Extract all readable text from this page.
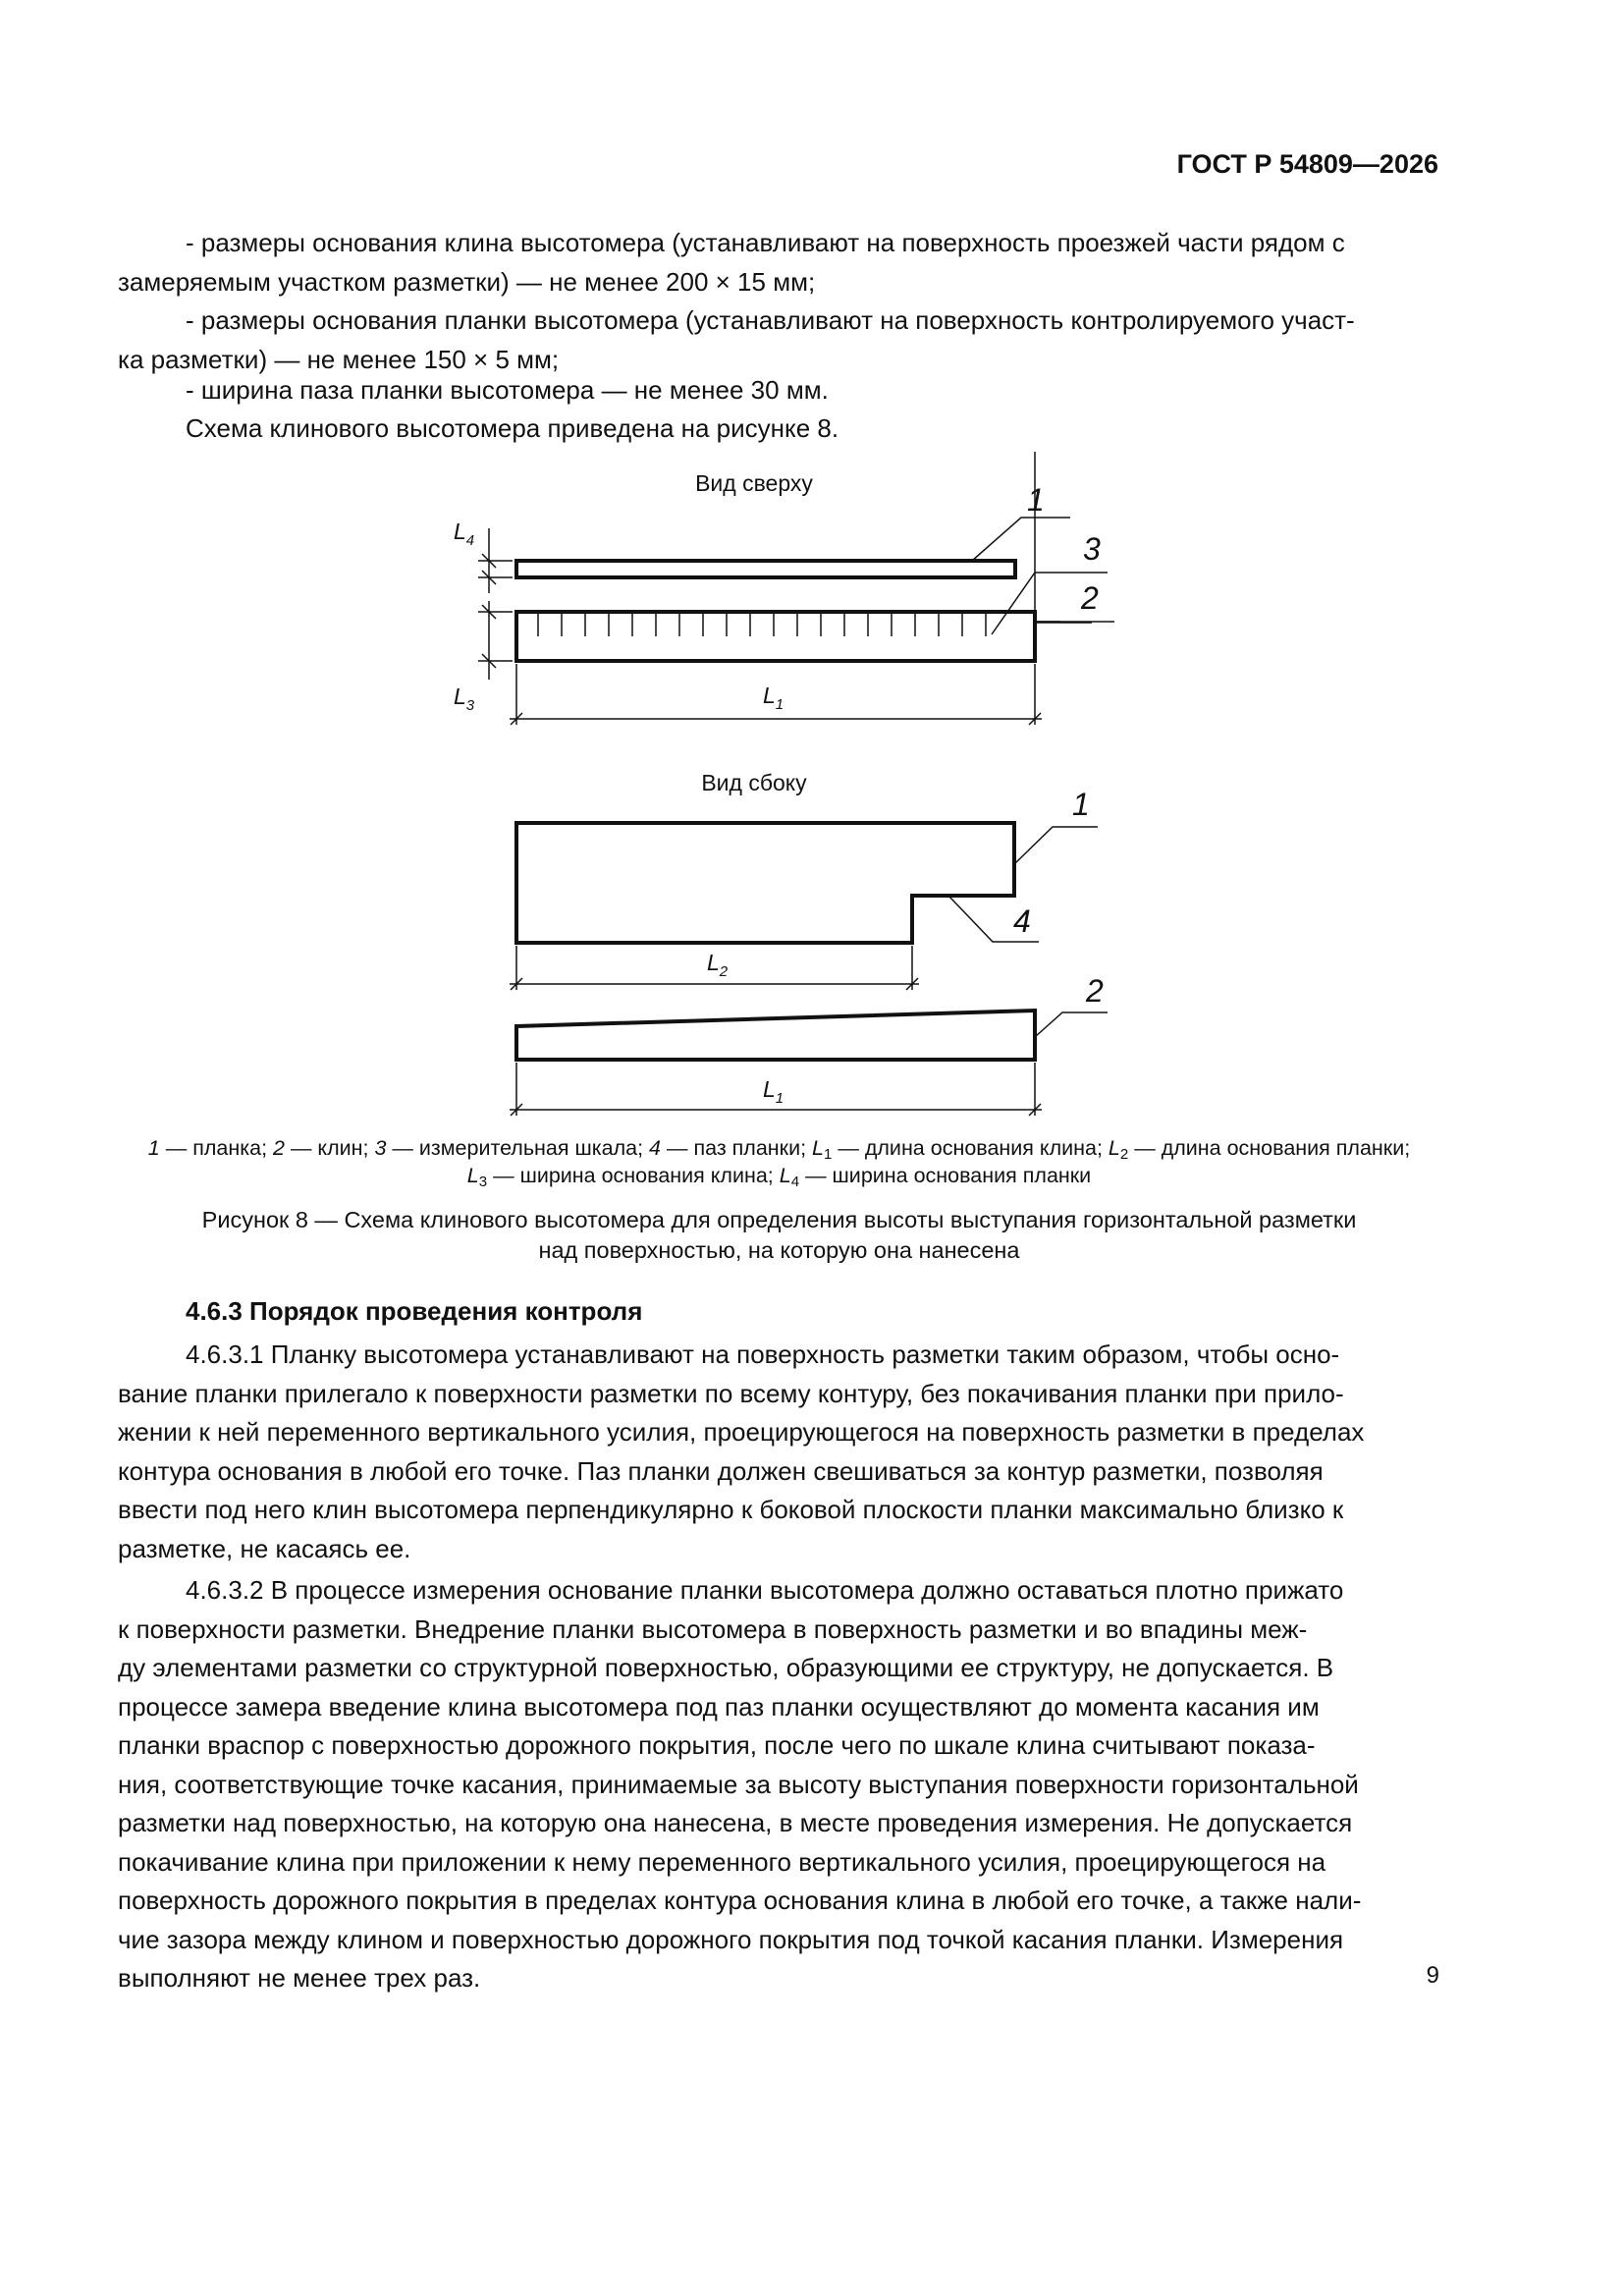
ГОСТ Р 54809—2026

- размеры основания клина высотомера (устанавливают на поверхность проезжей части рядом с
замеряемым участком разметки) — не менее 200 × 15 мм;

- размеры основания планки высотомера (устанавливают на поверхность контролируемого участ-
ка разметки) — не менее 150 × 5 мм;

- ширина паза планки высотомера — не менее 30 мм.

Схема клинового высотомера приведена на рисунке 8.

Вид сверху
$L_4$
$L_3$	$L_1$
1
3
2
Вид сбоку
$L_2$
$L_1$
1
4
2

1 — планка; 2 — клин; 3 — измерительная шкала; 4 — паз планки; $L_1$ — длина основания клина; $L_2$ — длина основания планки;
$L_3$ — ширина основания клина; $L_4$ — ширина основания планки

Рисунок 8 — Схема клинового высотомера для определения высоты выступания горизонтальной разметки
над поверхностью, на которую она нанесена

4.6.3 Порядок проведения контроля

4.6.3.1 Планку высотомера устанавливают на поверхность разметки таким образом, чтобы осно-
вание планки прилегало к поверхности разметки по всему контуру, без покачивания планки при прило-
жении к ней переменного вертикального усилия, проецирующегося на поверхность разметки в пределах
контура основания в любой его точке. Паз планки должен свешиваться за контур разметки, позволяя
ввести под него клин высотомера перпендикулярно к боковой плоскости планки максимально близко к
разметке, не касаясь ее.

4.6.3.2 В процессе измерения основание планки высотомера должно оставаться плотно прижато
к поверхности разметки. Внедрение планки высотомера в поверхность разметки и во впадины меж-
ду элементами разметки со структурной поверхностью, образующими ее структуру, не допускается. В
процессе замера введение клина высотомера под паз планки осуществляют до момента касания им
планки враспор с поверхностью дорожного покрытия, после чего по шкале клина считывают показа-
ния, соответствующие точке касания, принимаемые за высоту выступания поверхности горизонтальной
разметки над поверхностью, на которую она нанесена, в месте проведения измерения. Не допускается
покачивание клина при приложении к нему переменного вертикального усилия, проецирующегося на
поверхность дорожного покрытия в пределах контура основания клина в любой его точке, а также нали-
чие зазора между клином и поверхностью дорожного покрытия под точкой касания планки. Измерения
выполняют не менее трех раз.	9
